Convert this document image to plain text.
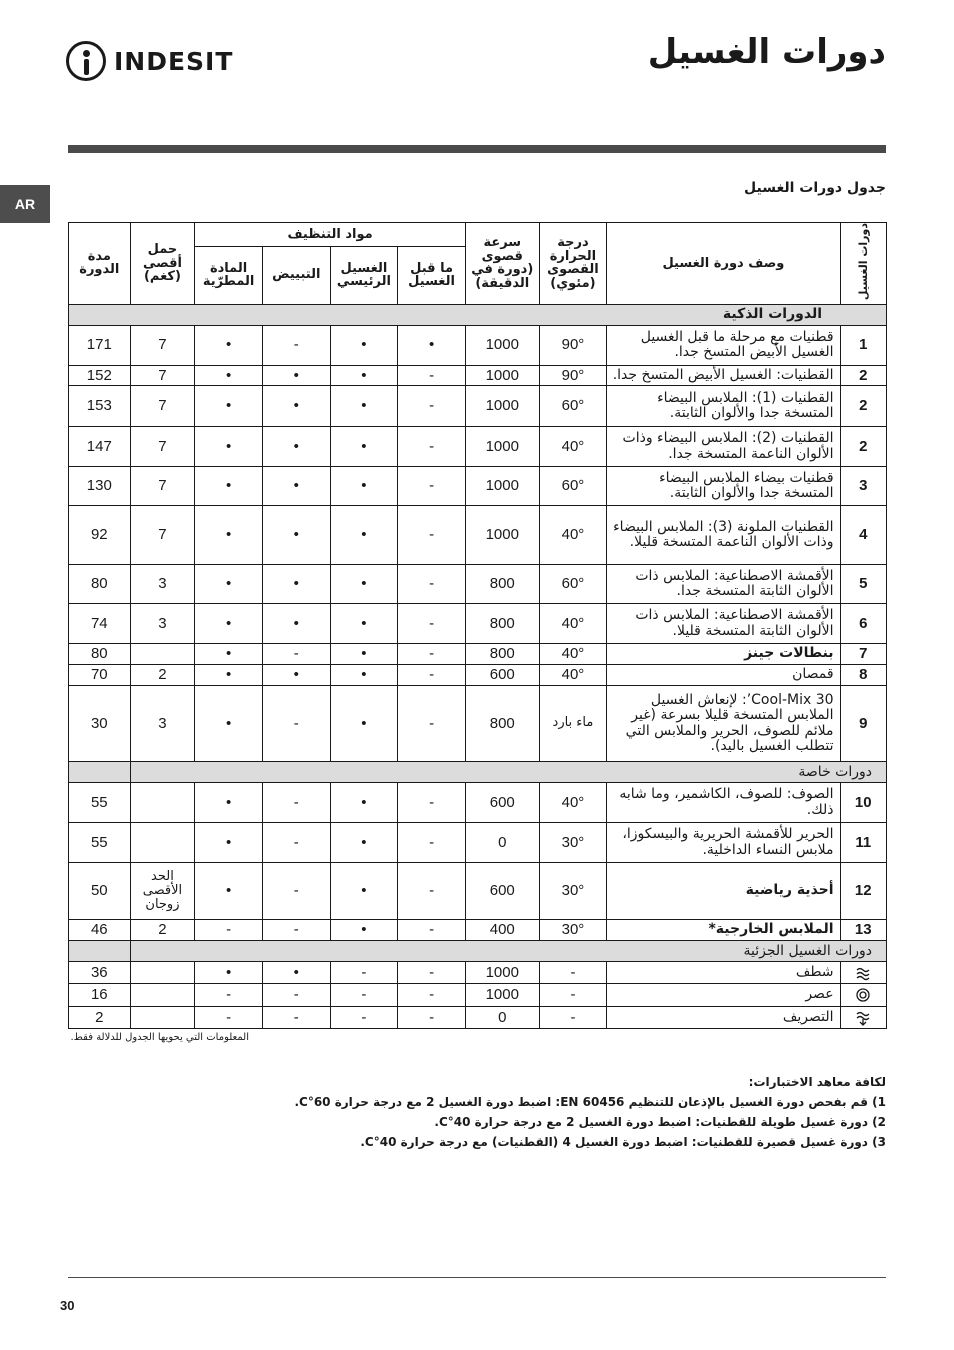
INDESIT	دورات الغسيل
AR
جدول دورات الغسيل
دورات الغسيل	وصف دورة الغسيل	درجة الحرارة القصوى (مئوي)	سرعة قصوى (دورة في الدقيقة)	مواد التنظيف				حمل أقصى (كغم)	مدة الدورة
				ما قبل الغسيل	الغسيل الرئيسي	التبييض	المادة المطرّية		
الدورات الذكية									
1	قطنيات مع مرحلة ما قبل الغسيل الغسيل الأبيض المتسخ جدا.	90°	1000	•	•	-	•	7	171
2	القطنيات: الغسيل الأبيض المتسخ جدا.	90°	1000	-	•	•	•	7	152
2	القطنيات (1): الملابس البيضاء المتسخة جدا والألوان الثابتة.	60°	1000	-	•	•	•	7	153
2	القطنيات (2): الملابس البيضاء وذات الألوان الناعمة المتسخة جدا.	40°	1000	-	•	•	•	7	147
3	قطنيات بيضاء الملابس البيضاء المتسخة جدا والألوان الثابتة.	60°	1000	-	•	•	•	7	130
4	القطنيات الملونة (3): الملابس البيضاء وذات الألوان الناعمة المتسخة قليلا.	40°	1000	-	•	•	•	7	92
5	الأقمشة الاصطناعية: الملابس ذات الألوان الثابتة المتسخة جدا.	60°	800	-	•	•	•	3	80
6	الأقمشة الاصطناعية: الملابس ذات الألوان الثابتة المتسخة قليلا.	40°	800	-	•	•	•	3	74
7	بنطالات جينز	40°	800	-	•	-	•		80
8	قمصان	40°	600	-	•	•	•	2	70
9	30 Cool-Mix’: لإنعاش الغسيل الملابس المتسخة قليلا بسرعة (غير ملائم للصوف، الحرير والملابس التي تتطلب الغسيل باليد).	ماء بارد	800	-	•	-	•	3	30
دورات خاصة									
10	الصوف: للصوف، الكاشمير، وما شابه ذلك.	40°	600	-	•	-	•		55
11	الحرير للأقمشة الحريرية والبيسكوزا، ملابس النساء الداخلية.	30°	0	-	•	-	•		55
12	أحذية رياضية	30°	600	-	•	-	•	الحد الأقصى زوجان	50
13	الملابس الخارجية*	30°	400	-	•	-	-	2	46
دورات الغسيل الجزئية									

	شطف	-	1000	-	-	•	•		36

	عصر	-	1000	-	-	-	-		16

	التصريف	-	0	-	-	-	-		2
المعلومات التي يحويها الجدول للدلالة فقط.

لكافة معاهد الاختبارات:

1) قم بفحص دورة الغسيل بالإذعان للتنظيم EN 60456: اضبط دورة الغسيل 2 مع درجة حرارة 60°C.

2) دورة غسيل طويلة للقطنيات: اضبط دورة الغسيل 2 مع درجة حرارة 40°C.

3) دورة غسيل قصيرة للقطنيات: اضبط دورة الغسيل 4 (القطنيات) مع درجة حرارة 40°C.

30
